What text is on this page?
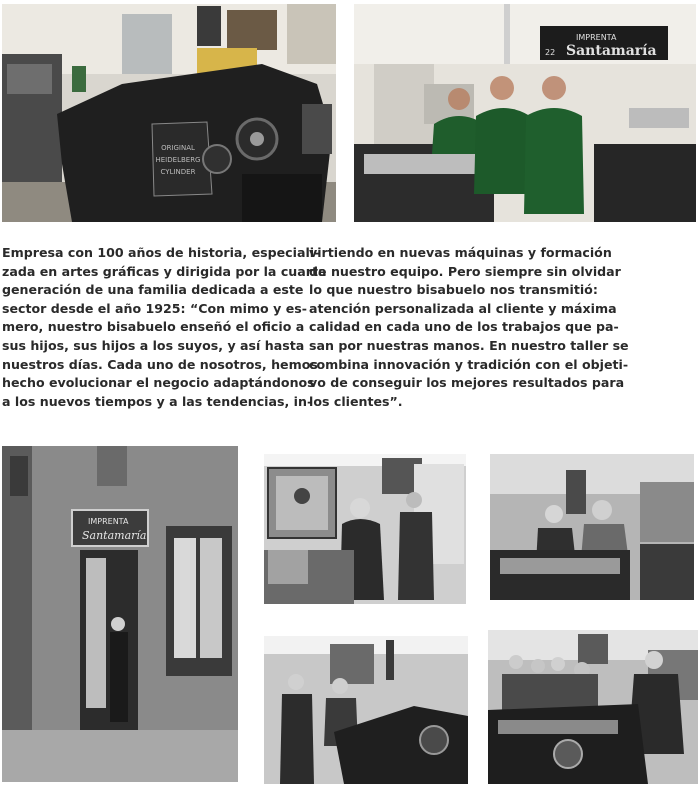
ORIGINAL
HEIDELBERG
CYLINDER
IMPRENTA
Santamaría
22
Empresa con 100 años de historia, especiali-
zada en artes gráficas y dirigida por la cuarta
generación de una familia dedicada a este
sector desde el año 1925: “Con mimo y es-
mero, nuestro bisabuelo enseñó el oficio a
sus hijos, sus hijos a los suyos, y así hasta
nuestros días. Cada uno de nosotros, hemos
hecho evolucionar el negocio adaptándonos
a los nuevos tiempos y a las tendencias, in-
virtiendo en nuevas máquinas y formación
de nuestro equipo. Pero siempre sin olvidar
lo que nuestro bisabuelo nos transmitió:
atención personalizada al cliente y máxima
calidad en cada uno de los trabajos que pa-
san por nuestras manos. En nuestro taller se
combina innovación y tradición con el objeti-
vo de conseguir los mejores resultados para
los clientes”.
IMPRENTA
Santamaría
